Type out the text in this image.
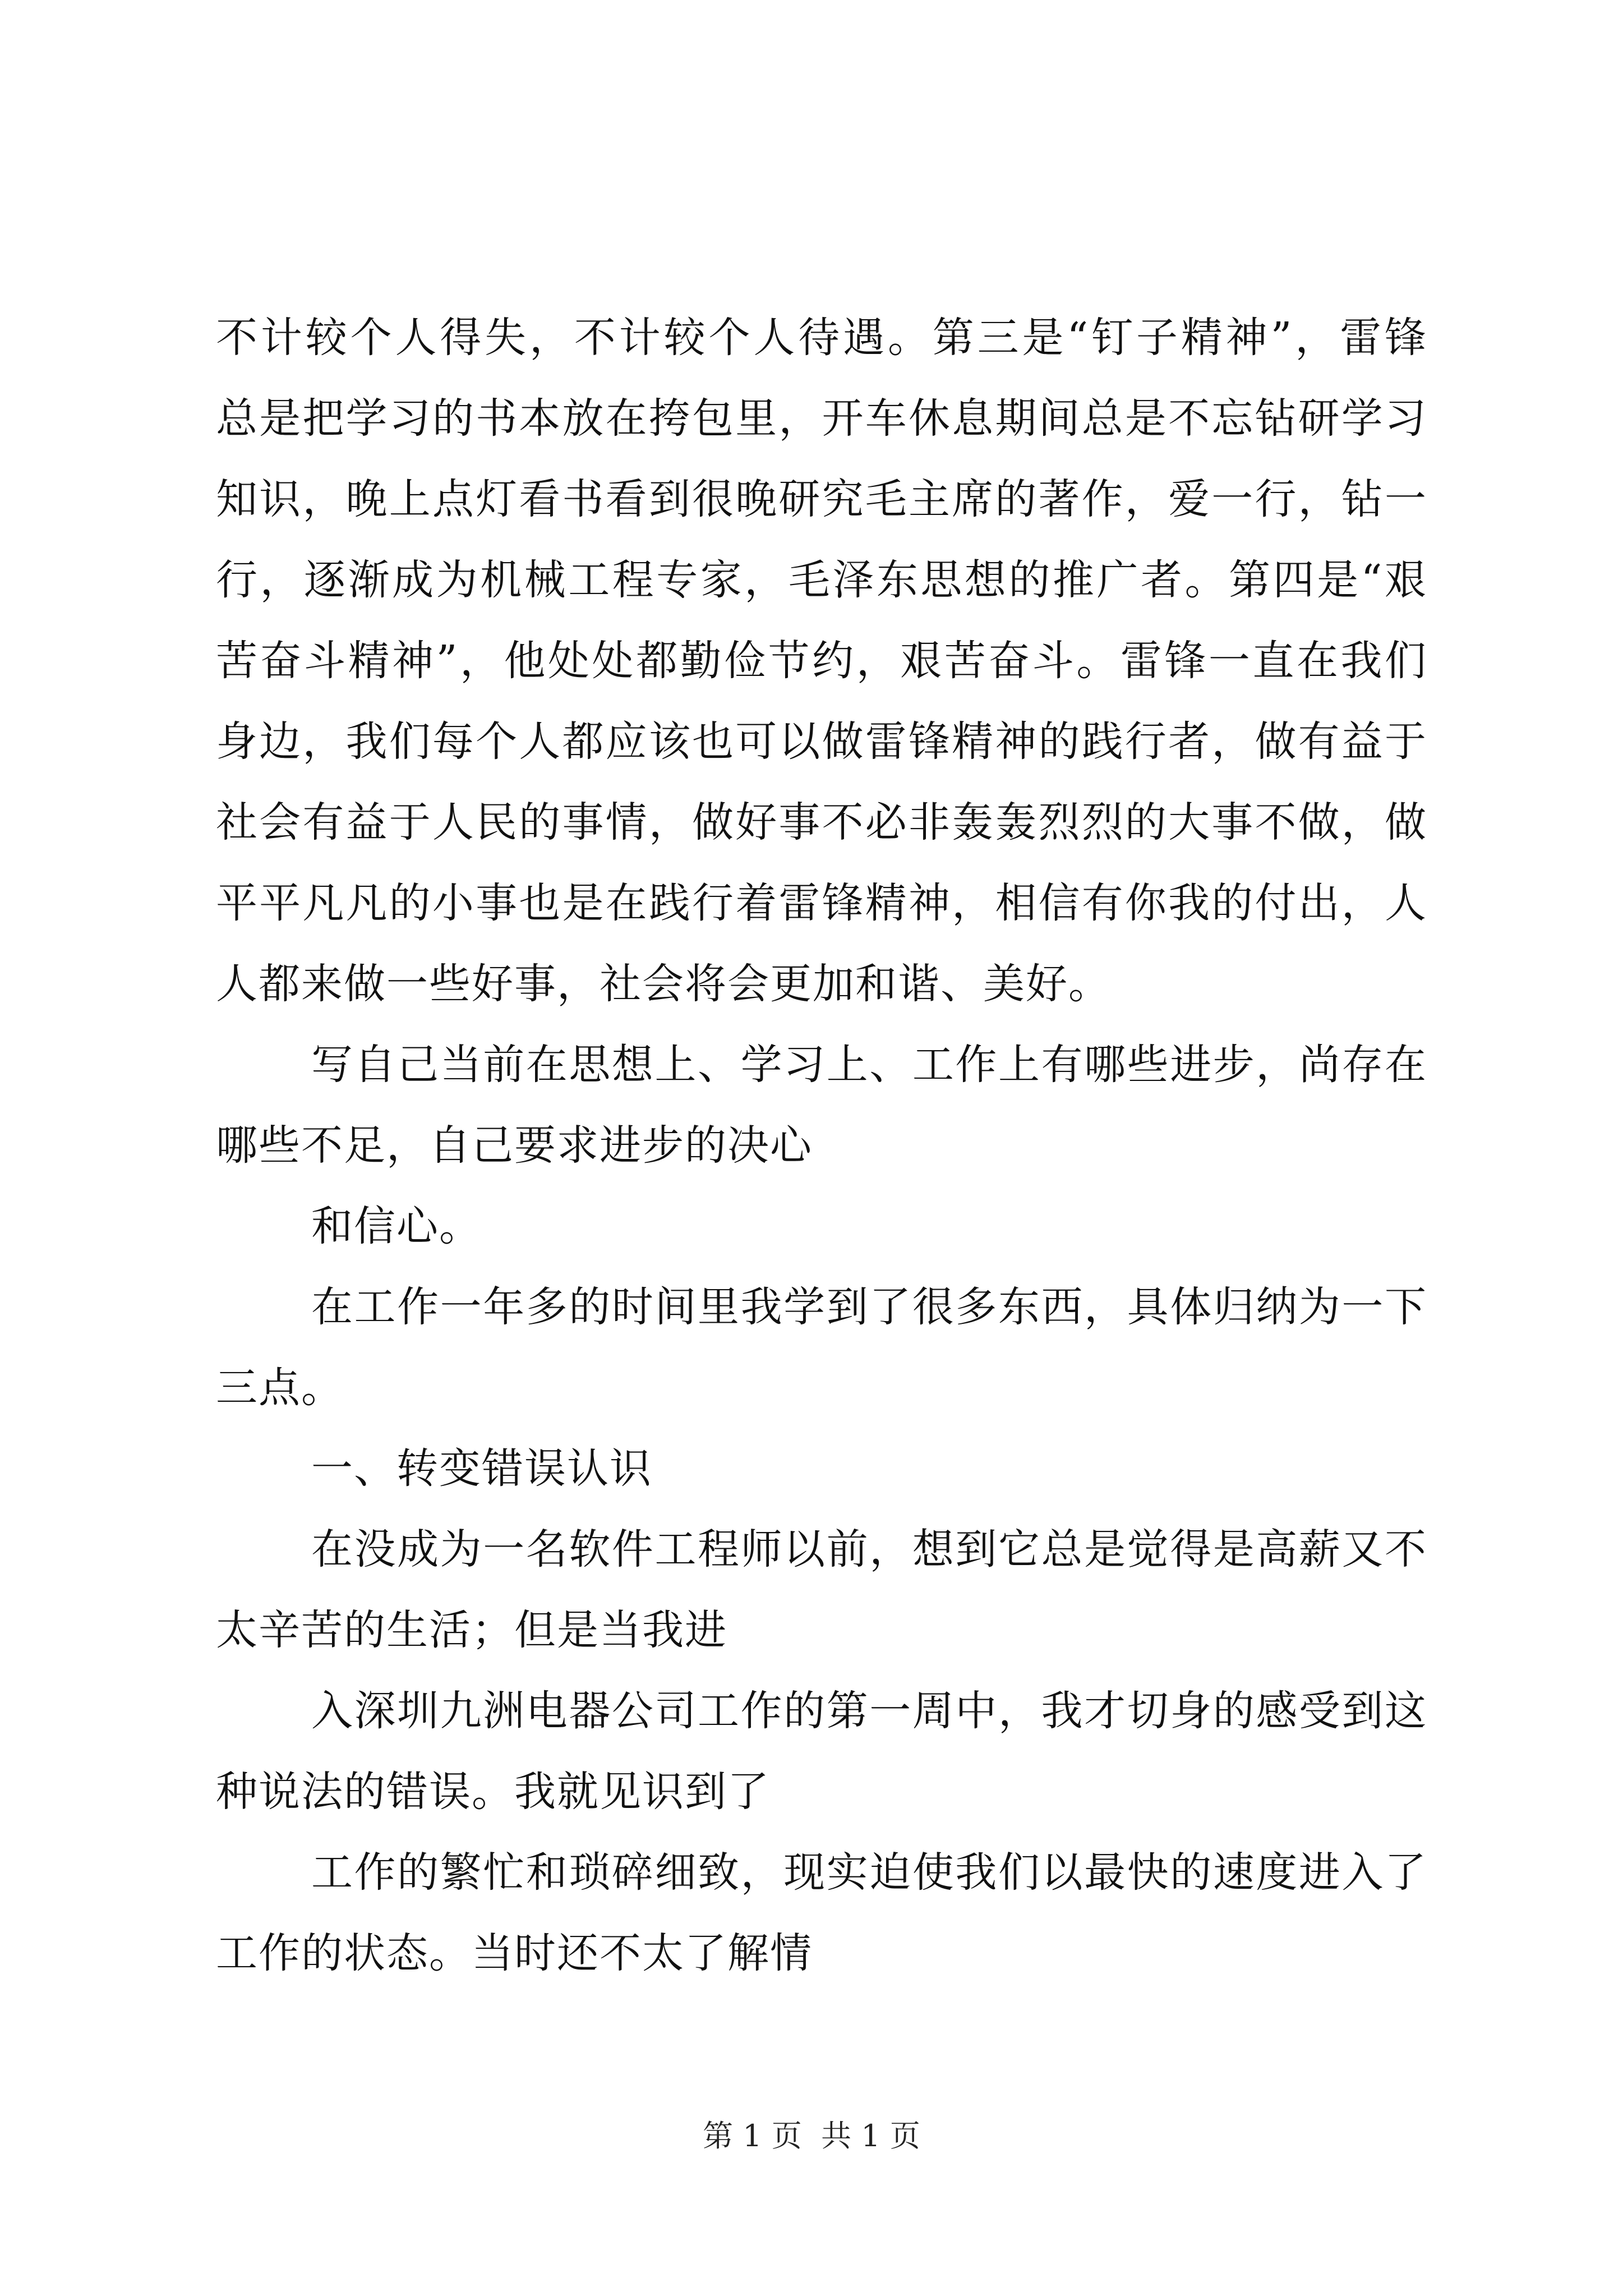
不计较个人得失，不计较个人待遇。第三是“钉子精神”，雷锋
总是把学习的书本放在挎包里，开车休息期间总是不忘钻研学习
知识，晚上点灯看书看到很晚研究毛主席的著作，爱一行，钻一
行，逐渐成为机械工程专家，毛泽东思想的推广者。第四是“艰
苦奋斗精神”，他处处都勤俭节约，艰苦奋斗。雷锋一直在我们
身边，我们每个人都应该也可以做雷锋精神的践行者，做有益于
社会有益于人民的事情，做好事不必非轰轰烈烈的大事不做，做
平平凡凡的小事也是在践行着雷锋精神，相信有你我的付出，人
人都来做一些好事，社会将会更加和谐、美好。
写自己当前在思想上、学习上、工作上有哪些进步，尚存在
哪些不足，自己要求进步的决心
和信心。
在工作一年多的时间里我学到了很多东西，具体归纳为一下
三点。
一、转变错误认识
在没成为一名软件工程师以前，想到它总是觉得是高薪又不
太辛苦的生活；但是当我进
入深圳九洲电器公司工作的第一周中，我才切身的感受到这
种说法的错误。我就见识到了
工作的繁忙和琐碎细致，现实迫使我们以最快的速度进入了
工作的状态。当时还不太了解情
第 1 页  共 1 页
